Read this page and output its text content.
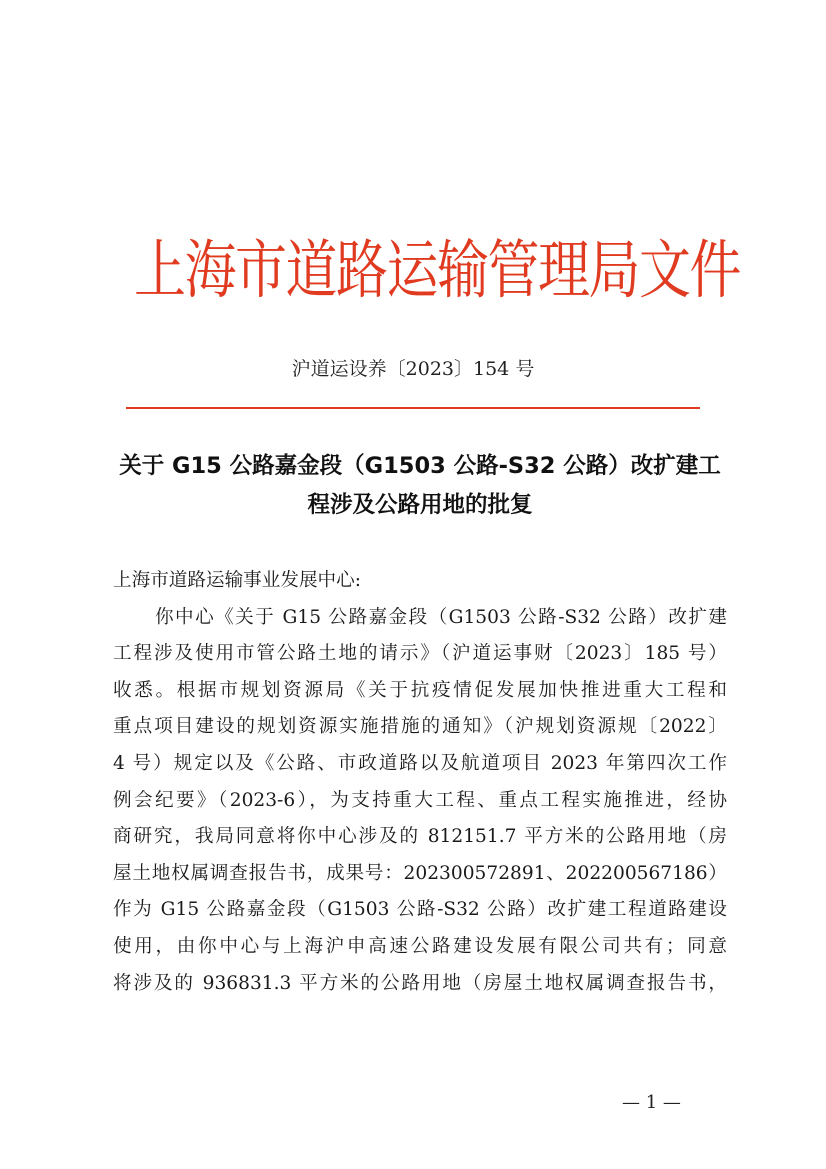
上海市道路运输管理局文件
沪道运设养〔2023〕154 号
关于 G15 公路嘉金段（G1503 公路-S32 公路）改扩建工
程涉及公路用地的批复
上海市道路运输事业发展中心:
你中心《关于 G15 公路嘉金段（G1503 公路-S32 公路）改扩建
工程涉及使用市管公路土地的请示》（沪道运事财〔2023〕185 号）
收悉。根据市规划资源局《关于抗疫情促发展加快推进重大工程和
重点项目建设的规划资源实施措施的通知》（沪规划资源规〔2022〕
4 号）规定以及《公路、市政道路以及航道项目 2023 年第四次工作
例会纪要》（2023-6），为支持重大工程、重点工程实施推进，经协
商研究，我局同意将你中心涉及的 812151.7 平方米的公路用地（房
屋土地权属调查报告书，成果号：202300572891、202200567186）
作为 G15 公路嘉金段（G1503 公路-S32 公路）改扩建工程道路建设
使用，由你中心与上海沪申高速公路建设发展有限公司共有；同意
将涉及的 936831.3 平方米的公路用地（房屋土地权属调查报告书，
— 1 —
